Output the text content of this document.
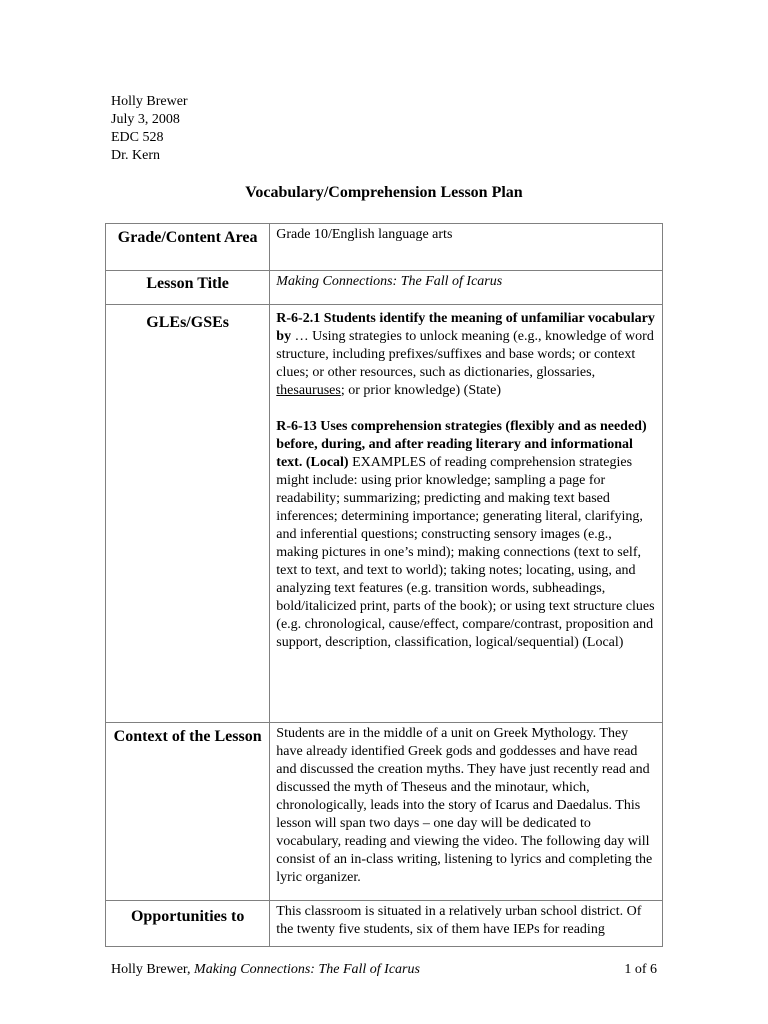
Holly Brewer
July 3, 2008
EDC 528
Dr. Kern
Vocabulary/Comprehension Lesson Plan
Grade/Content Area	Grade 10/English language arts
Lesson Title	Making Connections: The Fall of Icarus
GLEs/GSEs	R-6-2.1 Students identify the meaning of unfamiliar vocabulary by … Using strategies to unlock meaning (e.g., knowledge of word structure, including prefixes/suffixes and base words; or context clues; or other resources, such as dictionaries, glossaries, thesauruses; or prior knowledge) (State)
R-6-13 Uses comprehension strategies (flexibly and as needed) before, during, and after reading literary and informational text. (Local) EXAMPLES of reading comprehension strategies might include: using prior knowledge; sampling a page for readability; summarizing; predicting and making text based inferences; determining importance; generating literal, clarifying, and inferential questions; constructing sensory images (e.g., making pictures in one’s mind); making connections (text to self, text to text, and text to world); taking notes; locating, using, and analyzing text features (e.g. transition words, subheadings, bold/italicized print, parts of the book); or using text structure clues (e.g. chronological, cause/effect, compare/contrast, proposition and support, description, classification, logical/sequential) (Local)

Context of the Lesson	Students are in the middle of a unit on Greek Mythology. They have already identified Greek gods and goddesses and have read and discussed the creation myths. They have just recently read and discussed the myth of Theseus and the minotaur, which, chronologically, leads into the story of Icarus and Daedalus. This lesson will span two days – one day will be dedicated to vocabulary, reading and viewing the video. The following day will consist of an in-class writing, listening to lyrics and completing the lyric organizer.
Opportunities to	This classroom is situated in a relatively urban school district. Of the twenty five students, six of them have IEPs for reading
Holly Brewer, Making Connections: The Fall of Icarus	1 of 6
